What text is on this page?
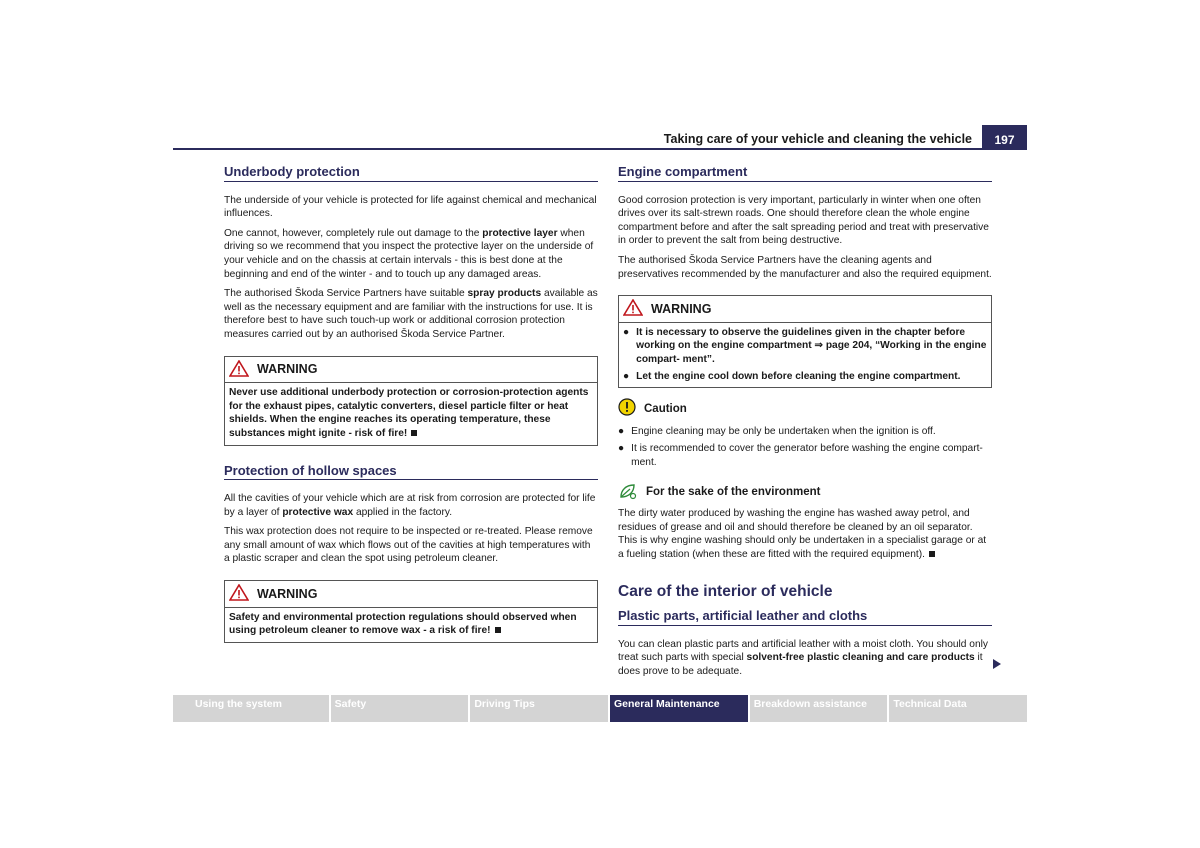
Taking care of your vehicle and cleaning the vehicle	197
Underbody protection

The underside of your vehicle is protected for life against chemical and mechanical influences.

One cannot, however, completely rule out damage to the protective layer when driving so we recommend that you inspect the protective layer on the underside of your vehicle and on the chassis at certain intervals - this is best done at the beginning and end of the winter - and to touch up any damaged areas.

The authorised Škoda Service Partners have suitable spray products available as well as the necessary equipment and are familiar with the instructions for use. It is therefore best to have such touch-up work or additional corrosion protection measures carried out by an authorised Škoda Service Partner.

WARNING
Never use additional underbody protection or corrosion-protection agents for the exhaust pipes, catalytic converters, diesel particle filter or heat shields. When the engine reaches its operating temperature, these substances might ignite - risk of fire!
Protection of hollow spaces

All the cavities of your vehicle which are at risk from corrosion are protected for life by a layer of protective wax applied in the factory.

This wax protection does not require to be inspected or re-treated. Please remove any small amount of wax which flows out of the cavities at high temperatures with a plastic scraper and clean the spot using petroleum cleaner.

WARNING
Safety and environmental protection regulations should observed when using petroleum cleaner to remove wax - a risk of fire!
Engine compartment

Good corrosion protection is very important, particularly in winter when one often drives over its salt-strewn roads. One should therefore clean the whole engine compartment before and after the salt spreading period and treat with preservative in order to prevent the salt from being destructive.

The authorised Škoda Service Partners have the cleaning agents and preservatives recommended by the manufacturer and also the required equipment.

WARNING
● It is necessary to observe the guidelines given in the chapter before working on the engine compartment ⇒ page 204, “Working in the engine compart- ment”.
● Let the engine cool down before cleaning the engine compartment.
Caution
● Engine cleaning may be only be undertaken when the ignition is off.
● It is recommended to cover the generator before washing the engine compart- ment.
For the sake of the environment

The dirty water produced by washing the engine has washed away petrol, and residues of grease and oil and should therefore be cleaned by an oil separator. This is why engine washing should only be undertaken in a specialist garage or at a fueling station (when these are fitted with the required equipment).

Care of the interior of vehicle
Plastic parts, artificial leather and cloths

You can clean plastic parts and artificial leather with a moist cloth. You should only treat such parts with special solvent-free plastic cleaning and care products it does prove to be adequate.

Using the system	Safety	Driving Tips	General Maintenance	Breakdown assistance	Technical Data
